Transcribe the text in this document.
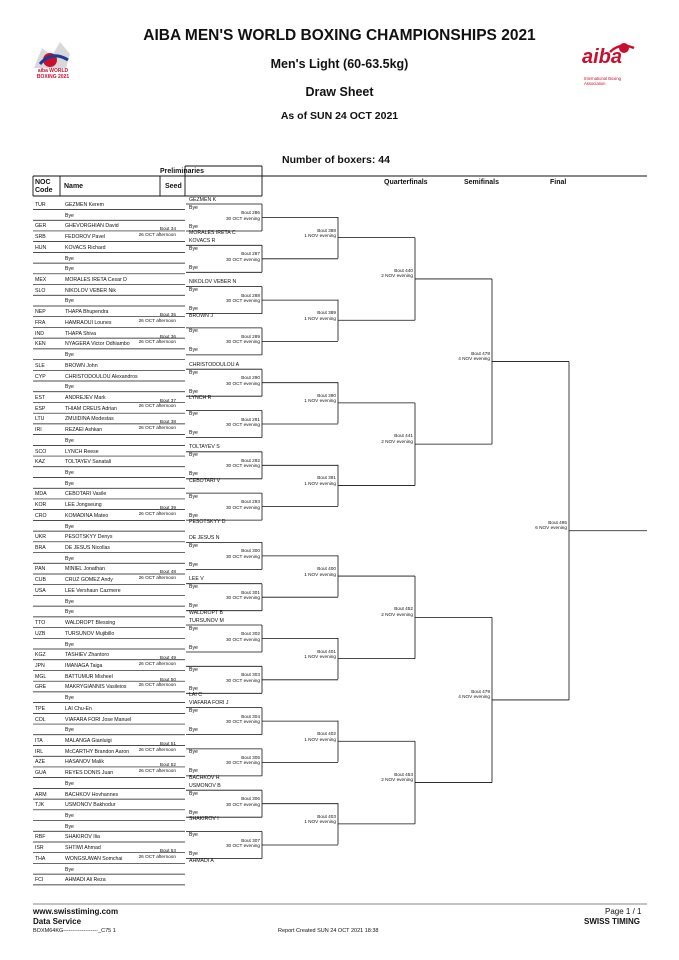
aiba WORLD BOXING 2021
AIBA MEN'S WORLD BOXING CHAMPIONSHIPS 2021
Men's Light (60-63.5kg)
Draw Sheet
As of SUN 24 OCT 2021
aiba
International Boxing Association
Number of boxers: 44
Preliminaries
NOC Code
Name	Seed
Quarterfinals	Semifinals	Final
TUR	GEZMEN Kerem
Bye
GER	GHEVORGHIAN David
SRB	FEDOROV Pavel
HUN	KOVACS Richard
Bye
Bye
MEX	MORALES IRETA Cesar D
SLO	NIKOLOV VEBER Nik
Bye
NEP	THAPA Bhupendra
FRA	HAMRAOUI Lounes
IND	THAPA Shiva
KEN	NYAGERA Victor Odhiambo
Bye
SLE	BROWN John
CYP	CHRISTODOULOU Alexandros
Bye
EST	ANDREJEV Mark
ESP	THIAM CREUS Adrian
LTU	ZMUIDINA Modestas
IRI	REZAEI Ashkan
Bye
SCO	LYNCH Reese
KAZ	TOLTAYEV Sanatali
Bye
Bye
MDA	CEBOTARI Vasile
KOR	LEE Jongseung
CRO	KOMADINA Mateo
Bye
UKR	PESOTSKYY Denys
BRA	DE JESUS Nicollas
Bye
PAN	MINIEL Jonathan
CUB	CRUZ GOMEZ Andy
USA	LEE Vershaun Cazmere
Bye
Bye
TTO	WALDROPT Blessing
UZB	TURSUNOV Mujibillo
Bye
KGZ	TASHIEV Zhantoro
JPN	IMANAGA Taiga
MGL	BATTUMUR Misheel
GRE	MAKRYGIANNIS Vasileios
Bye
TPE	LAI Chu-En
COL	VIAFARA FORI Jose Manuel
Bye
ITA	MALANGA Gianluigi
IRL	McCARTHY Brandon Aaron
AZE	HASANOV Malik
GUA	REYES DONIS Juan
Bye
ARM	BACHKOV Hovhannes
TJK	USMONOV Bakhodur
Bye
Bye
RBF	SHAKIROV Ilia
ISR	SHTIWI Ahmad
THA	WONGSUWAN Somchai
Bye
FCI	AHMADI Ali Reza
Bout 34
26 OCT afternoon
Bout 35
26 OCT afternoon
Bout 36
26 OCT afternoon
Bout 37
26 OCT afternoon
Bout 38
26 OCT afternoon
Bout 39
26 OCT afternoon
Bout 48
26 OCT afternoon
Bout 49
26 OCT afternoon
Bout 50
26 OCT afternoon
Bout 51
26 OCT afternoon
Bout 52
26 OCT afternoon
Bout 53
26 OCT afternoon
GEZMEN K
Bye
Bout 286
30 OCT evening
Bye
MORALES IRETA C
KOVACS R
Bye
Bout 287
30 OCT evening
Bye
NIKOLOV VEBER N
Bye
Bout 288
30 OCT evening
Bye
BROWN J
Bye
Bout 289
30 OCT evening
Bye
CHRISTODOULOU A
Bye
Bout 290
30 OCT evening
Bye
LYNCH R
Bye
Bout 291
30 OCT evening
Bye
TOLTAYEV S
Bye
Bout 292
30 OCT evening
Bye
CEBOTARI V
Bye
Bout 293
30 OCT evening
Bye
PESOTSKYY D
DE JESUS N
Bye
Bout 300
30 OCT evening
Bye
LEE V
Bye
Bout 301
30 OCT evening
Bye
WALDROPT B
TURSUNOV M
Bye
Bout 302
30 OCT evening
Bye
Bye
Bout 303
30 OCT evening
Bye
LAI C
VIAFARA FORI J
Bye
Bout 304
30 OCT evening
Bye
Bye
Bout 305
30 OCT evening
Bye
BACHKOV H
USMONOV B
Bye
Bout 306
30 OCT evening
Bye
SHAKIROV I
Bye
Bout 307
30 OCT evening
Bye
AHMADI A
Bout 388
1 NOV evening
Bout 389
1 NOV evening
Bout 390
1 NOV evening
Bout 391
1 NOV evening
Bout 400
1 NOV evening
Bout 401
1 NOV evening
Bout 402
1 NOV evening
Bout 403
1 NOV evening
Bout 440
2 NOV evening
Bout 441
2 NOV evening
Bout 452
2 NOV evening
Bout 453
2 NOV evening
Bout 478
4 NOV evening
Bout 479
4 NOV evening
Bout 495
6 NOV evening
www.swisstiming.com
Data Service
BOXM64KG-------------------_C75 1	Report Created SUN 24 OCT 2021 18:38
Page 1 / 1
SWISS TIMING
